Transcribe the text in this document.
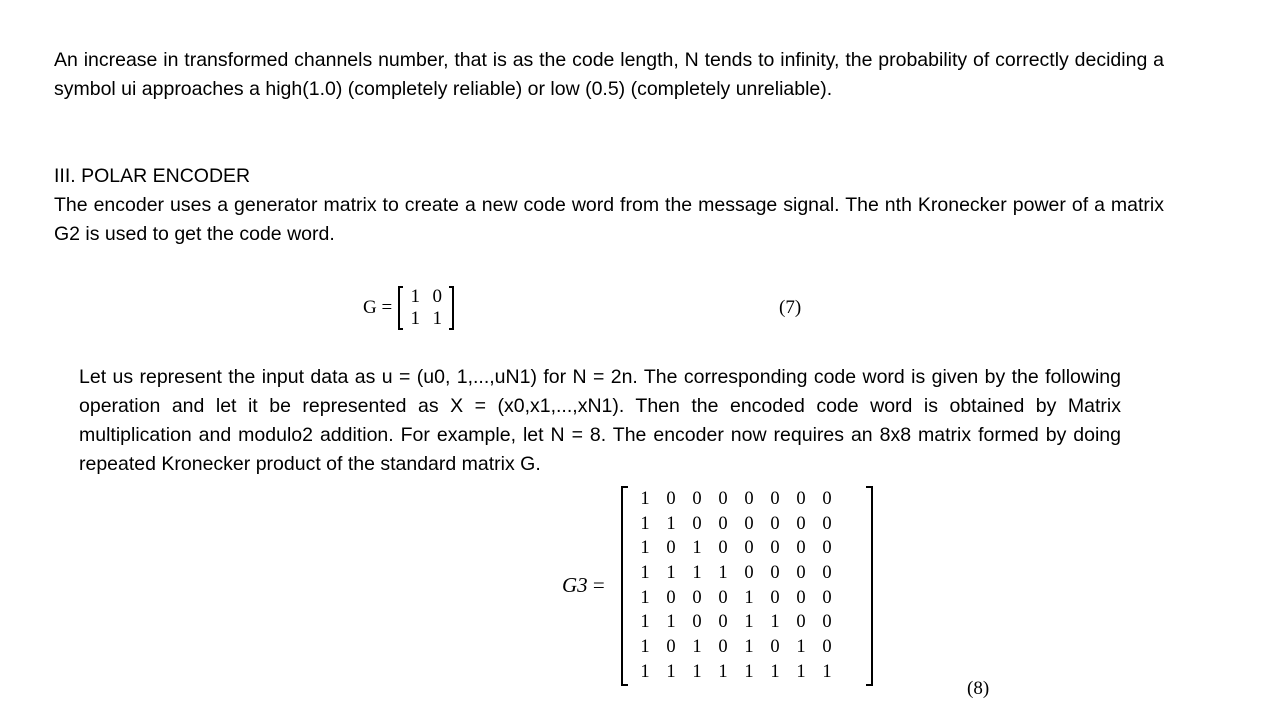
An increase in transformed channels number, that is as the code length, N tends to infinity, the probability of correctly deciding a symbol ui approaches a high(1.0) (completely reliable) or low (0.5) (completely unreliable).

III. POLAR ENCODER

The encoder uses a generator matrix to create a new code word from the message signal. The nth Kronecker power of a matrix G2 is used to get the code word.

G =
1 0
1 1
(7)

Let us represent the input data as u = (u0, 1,...,uN1) for N = 2n. The corresponding code word is given by the following operation and let it be represented as X = (x0,x1,...,xN1). Then the encoded code word is obtained by Matrix multiplication and modulo2 addition. For example, let N = 8. The encoder now requires an 8x8 matrix formed by doing repeated Kronecker product of the standard matrix G.

G3 =
1 0 0 0 0 0 0 0
1 1 0 0 0 0 0 0
1 0 1 0 0 0 0 0
1 1 1 1 0 0 0 0
1 0 0 0 1 0 0 0
1 1 0 0 1 1 0 0
1 0 1 0 1 0 1 0
1 1 1 1 1 1 1 1
(8)
